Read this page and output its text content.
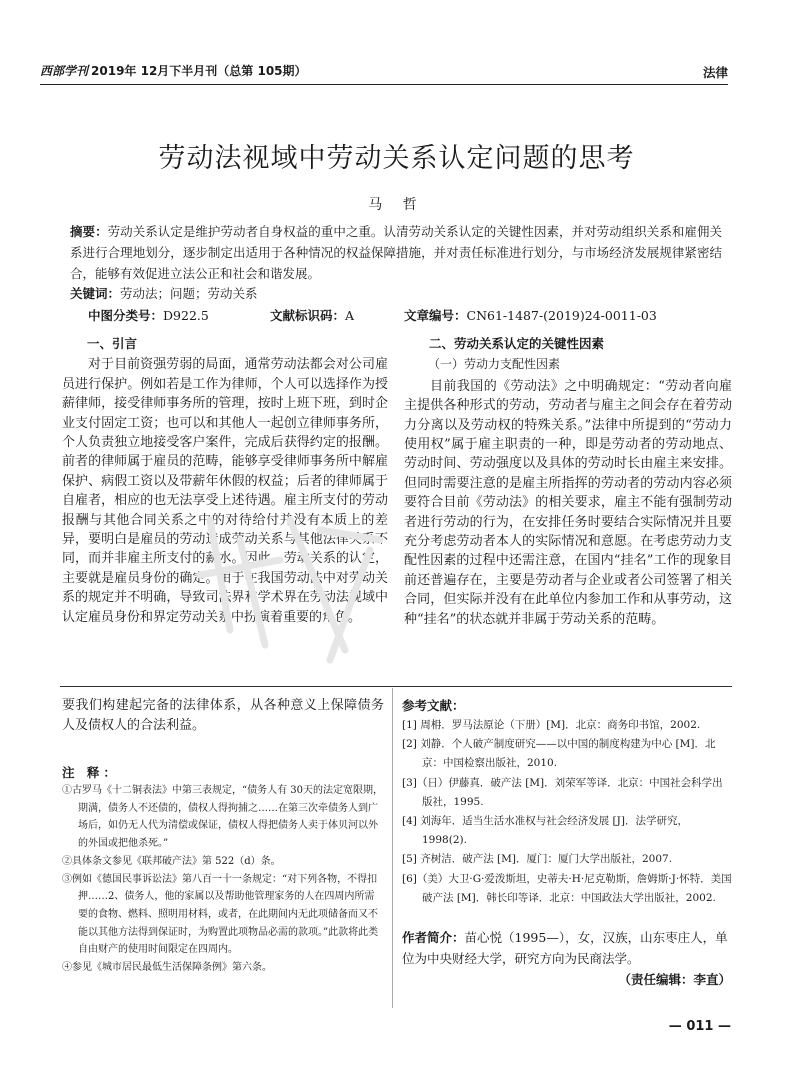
西部学刊 2019年 12月下半月刊（总第 105期）	法律
劳动法视域中劳动关系认定问题的思考
马 哲
摘要：劳动关系认定是维护劳动者自身权益的重中之重。认清劳动关系认定的关键性因素，并对劳动组织关系和雇佣关系进行合理地划分，逐步制定出适用于各种情况的权益保障措施，并对责任标准进行划分，与市场经济发展规律紧密结合，能够有效促进立法公正和社会和谐发展。
关键词：劳动法；问题；劳动关系
中图分类号：D922.5	文献标识码：A	文章编号：CN61-1487-(2019)24-0011-03
一、引言

对于目前资强劳弱的局面，通常劳动法都会对公司雇员进行保护。例如若是工作为律师，个人可以选择作为授薪律师，接受律师事务所的管理，按时上班下班，到时企业支付固定工资；也可以和其他人一起创立律师事务所，个人负责独立地接受客户案件，完成后获得约定的报酬。前者的律师属于雇员的范畴，能够享受律师事务所中解雇保护、病假工资以及带薪年休假的权益；后者的律师属于自雇者，相应的也无法享受上述待遇。雇主所支付的劳动报酬与其他合同关系之中的对待给付并没有本质上的差异，要明白是雇员的劳动造成劳动关系与其他法律关系不同，而并非雇主所支付的薪水。因此，劳动关系的认定，主要就是雇员身份的确定。由于在我国劳动法中对劳动关系的规定并不明确，导致司法界和学术界在劳动法视域中认定雇员身份和界定劳动关系中扮演着重要的角色。

二、劳动关系认定的关键性因素
（一）劳动力支配性因素

目前我国的《劳动法》之中明确规定：“劳动者向雇主提供各种形式的劳动，劳动者与雇主之间会存在着劳动力分离以及劳动权的特殊关系。”法律中所提到的“劳动力使用权”属于雇主职责的一种，即是劳动者的劳动地点、劳动时间、劳动强度以及具体的劳动时长由雇主来安排。但同时需要注意的是雇主所指挥的劳动者的劳动内容必须要符合目前《劳动法》的相关要求，雇主不能有强制劳动者进行劳动的行为，在安排任务时要结合实际情况并且要充分考虑劳动者本人的实际情况和意愿。在考虑劳动力支配性因素的过程中还需注意，在国内“挂名”工作的现象目前还普遍存在，主要是劳动者与企业或者公司签署了相关合同，但实际并没有在此单位内参加工作和从事劳动，这种“挂名”的状态就并非属于劳动关系的范畴。

要我们构建起完备的法律体系，从各种意义上保障债务人及债权人的合法利益。
注 释：
①古罗马《十二铜表法》中第三表规定，“债务人有 30天的法定宽限期，期满，债务人不还债的，债权人得拘捕之……在第三次牵债务人到广场后，如仍无人代为清偿或保证，债权人得把债务人卖于体贝河以外的外国或把他杀死。”
②具体条文参见《联邦破产法》第 522（d）条。
③例如《德国民事诉讼法》第八百一十一条规定：“对下列各物，不得扣押……2、债务人，他的家属以及帮助他管理家务的人在四周内所需要的食物、燃料、照明用材料，或者，在此期间内无此项储备而又不能以其他方法得到保证时，为购置此项物品必需的款项。”此款将此类自由财产的使用时间限定在四周内。
④参见《城市居民最低生活保障条例》第六条。
参考文献：
[1] 周枏．罗马法原论（下册）[M]．北京：商务印书馆，2002.
[2] 刘静．个人破产制度研究——以中国的制度构建为中心 [M]．北京：中国检察出版社，2010.
[3]（日）伊藤真．破产法 [M]．刘荣军等译．北京：中国社会科学出版社，1995.
[4] 刘海年．适当生活水准权与社会经济发展 [J]．法学研究，1998(2).
[5] 齐树洁．破产法 [M]．厦门：厦门大学出版社，2007.
[6]（美）大卫·G·爱泼斯坦，史蒂夫·H·尼克勒斯，詹姆斯·J·怀特．美国破产法 [M]．韩长印等译．北京：中国政法大学出版社，2002.
作者简介：苗心悦（1995—），女，汉族，山东枣庄人，单位为中央财经大学，研究方向为民商法学。
（责任编辑：李直）
— 011 —
